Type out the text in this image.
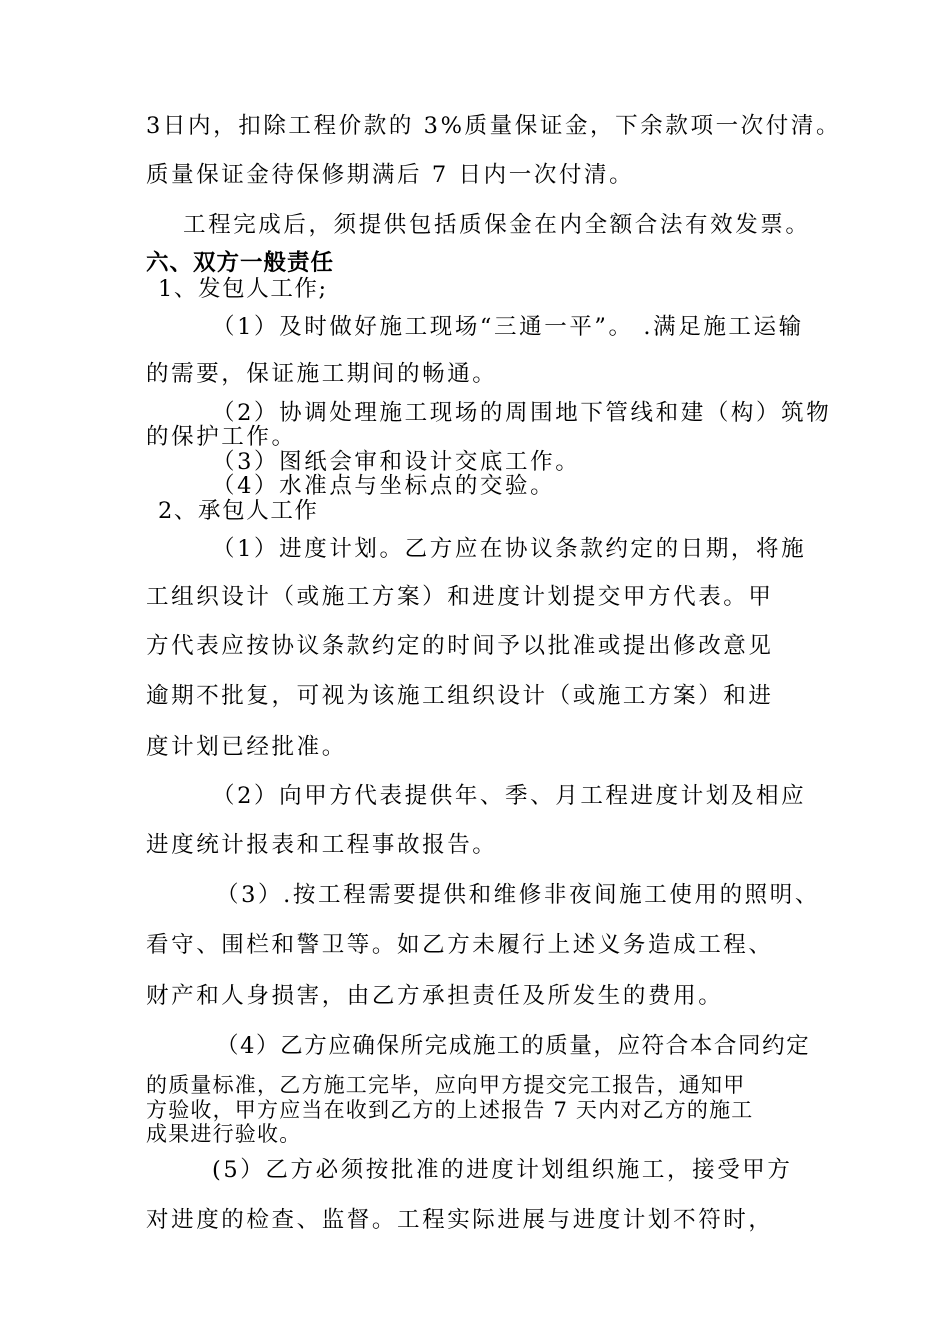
3日内，扣除工程价款的 3%质量保证金，下余款项一次付清。

质量保证金待保修期满后 7 日内一次付清。

工程完成后，须提供包括质保金在内全额合法有效发票。

六、双方一般责任

1、发包人工作;

（1）及时做好施工现场“三通一平”。 .满足施工运输

的需要，保证施工期间的畅通。

（2）协调处理施工现场的周围地下管线和建（构）筑物

的保护工作。

（3）图纸会审和设计交底工作。

（4）水准点与坐标点的交验。

2、承包人工作

（1）进度计划。乙方应在协议条款约定的日期，将施

工组织设计（或施工方案）和进度计划提交甲方代表。甲

方代表应按协议条款约定的时间予以批准或提出修改意见

逾期不批复，可视为该施工组织设计（或施工方案）和进

度计划已经批准。

（2）向甲方代表提供年、季、月工程进度计划及相应

进度统计报表和工程事故报告。

（3）.按工程需要提供和维修非夜间施工使用的照明、

看守、围栏和警卫等。如乙方未履行上述义务造成工程、

财产和人身损害，由乙方承担责任及所发生的费用。

（4）乙方应确保所完成施工的质量，应符合本合同约定

的质量标准，乙方施工完毕，应向甲方提交完工报告，通知甲

方验收，甲方应当在收到乙方的上述报告 7 天内对乙方的施工

成果进行验收。

(5）乙方必须按批准的进度计划组织施工，接受甲方

对进度的检查、监督。工程实际进展与进度计划不符时，
